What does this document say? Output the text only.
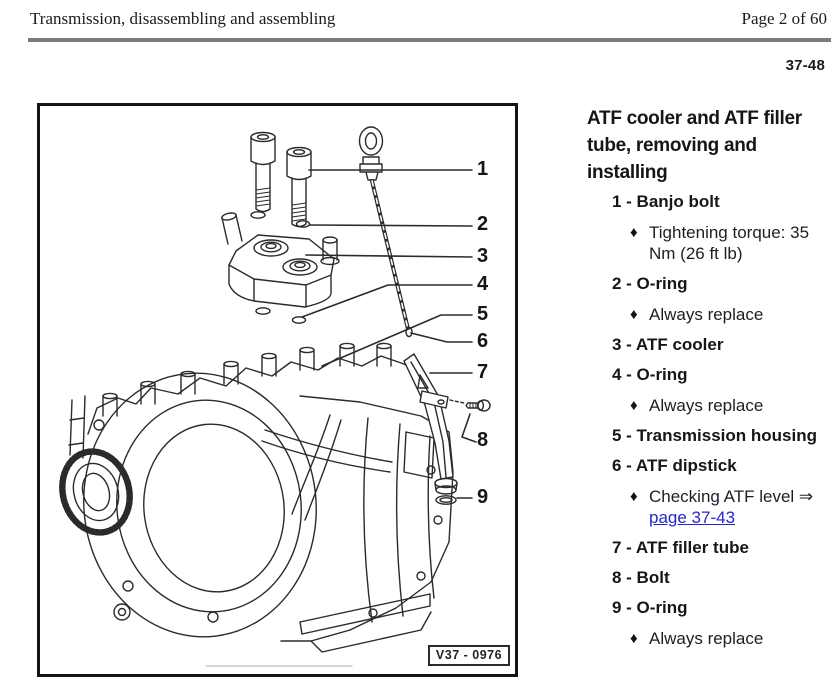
Transmission, disassembling and assembling	Page 2 of 60
37-48
1
2
3
4
5
6
7
8
9
V37 - 0976
ATF cooler and ATF filler tube, removing and installing
1 - Banjo bolt
♦ Tightening torque: 35 Nm (26 ft lb)
2 - O-ring
♦ Always replace
3 - ATF cooler
4 - O-ring
♦ Always replace
5 - Transmission housing
6 - ATF dipstick
♦ Checking ATF level ⇒ page 37-43
7 - ATF filler tube
8 - Bolt
9 - O-ring
♦ Always replace
